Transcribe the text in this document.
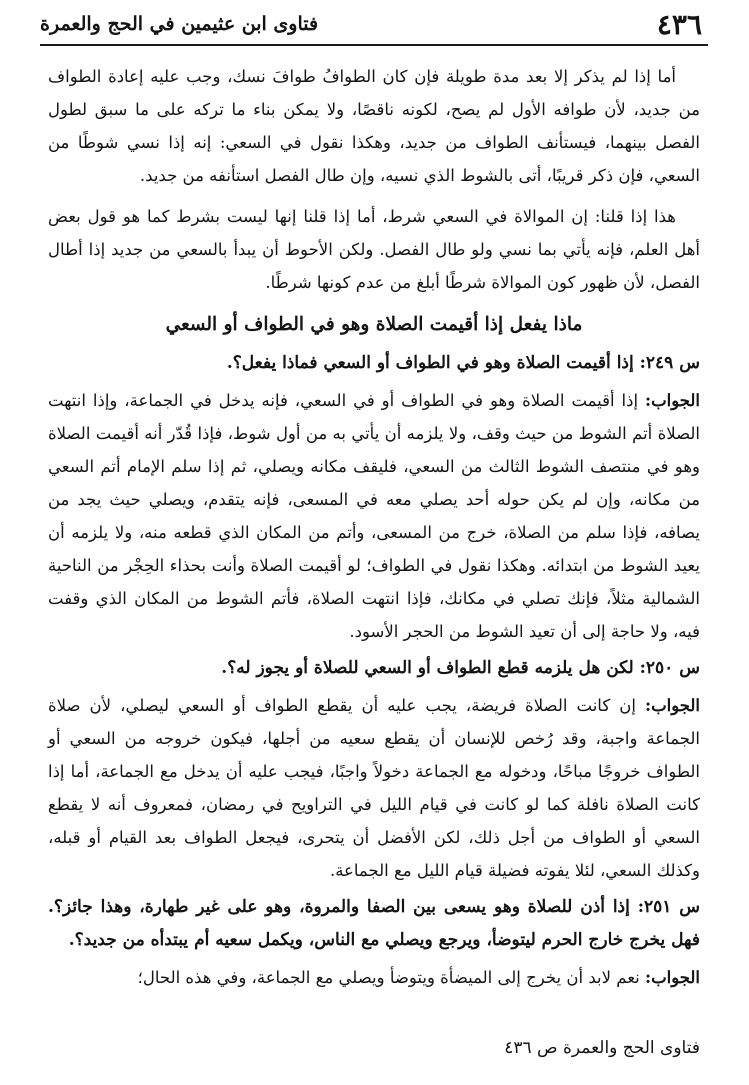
٤٣٦
فتاوى ابن عثيمين في الحج والعمرة

أما إذا لم يذكر إلا بعد مدة طويلة فإن كان الطوافُ طوافَ نسك، وجب عليه إعادة الطواف من جديد، لأن طوافه الأول لم يصح، لكونه ناقصًا، ولا يمكن بناء ما تركه على ما سبق لطول الفصل بينهما، فيستأنف الطواف من جديد، وهكذا نقول في السعي: إنه إذا نسي شوطًا من السعي، فإن ذكر قريبًا، أتى بالشوط الذي نسيه، وإن طال الفصل استأنفه من جديد.

هذا إذا قلنا: إن الموالاة في السعي شرط، أما إذا قلنا إنها ليست بشرط كما هو قول بعض أهل العلم، فإنه يأتي بما نسي ولو طال الفصل. ولكن الأحوط أن يبدأ بالسعي من جديد إذا أطال الفصل، لأن ظهور كون الموالاة شرطًا أبلغ من عدم كونها شرطًا.

ماذا يفعل إذا أقيمت الصلاة وهو في الطواف أو السعي

س ٢٤٩: إذا أقيمت الصلاة وهو في الطواف أو السعي فماذا يفعل؟.

الجواب: إذا أقيمت الصلاة وهو في الطواف أو في السعي، فإنه يدخل في الجماعة، وإذا انتهت الصلاة أتم الشوط من حيث وقف، ولا يلزمه أن يأتي به من أول شوط، فإذا قُدّر أنه أقيمت الصلاة وهو في منتصف الشوط الثالث من السعي، فليقف مكانه ويصلي، ثم إذا سلم الإمام أتم السعي من مكانه، وإن لم يكن حوله أحد يصلي معه في المسعى، فإنه يتقدم، ويصلي حيث يجد من يصافه، فإذا سلم من الصلاة، خرج من المسعى، وأتم من المكان الذي قطعه منه، ولا يلزمه أن يعيد الشوط من ابتدائه. وهكذا نقول في الطواف؛ لو أقيمت الصلاة وأنت بحذاء الحِجْر من الناحية الشمالية مثلاً، فإنك تصلي في مكانك، فإذا انتهت الصلاة، فأتم الشوط من المكان الذي وقفت فيه، ولا حاجة إلى أن تعيد الشوط من الحجر الأسود.

س ٢٥٠: لكن هل يلزمه قطع الطواف أو السعي للصلاة أو يجوز له؟.

الجواب: إن كانت الصلاة فريضة، يجب عليه أن يقطع الطواف أو السعي ليصلي، لأن صلاة الجماعة واجبة، وقد رُخص للإنسان أن يقطع سعيه من أجلها، فيكون خروجه من السعي أو الطواف خروجًا مباحًا، ودخوله مع الجماعة دخولاً واجبًا، فيجب عليه أن يدخل مع الجماعة، أما إذا كانت الصلاة نافلة كما لو كانت في قيام الليل في التراويح في رمضان، فمعروف أنه لا يقطع السعي أو الطواف من أجل ذلك، لكن الأفضل أن يتحرى، فيجعل الطواف بعد القيام أو قبله، وكذلك السعي، لئلا يفوته فضيلة قيام الليل مع الجماعة.

س ٢٥١: إذا أذن للصلاة وهو يسعى بين الصفا والمروة، وهو على غير طهارة، وهذا جائز؟. فهل يخرج خارج الحرم ليتوضأ، ويرجع ويصلي مع الناس، ويكمل سعيه أم يبتدأه من جديد؟.

الجواب: نعم لابد أن يخرج إلى الميضأة ويتوضأ ويصلي مع الجماعة، وفي هذه الحال؛

فتاوى الحج والعمرة ص ٤٣٦
